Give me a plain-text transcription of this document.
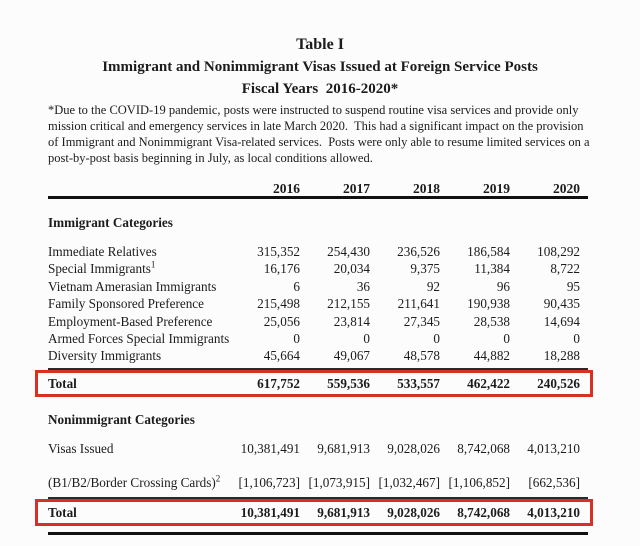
Table I
Immigrant and Nonimmigrant Visas Issued at Foreign Service Posts
Fiscal Years  2016-2020*
*Due to the COVID-19 pandemic, posts were instructed to suspend routine visa services and provide only mission critical and emergency services in late March 2020.  This had a significant impact on the provision of Immigrant and Nonimmigrant Visa-related services.  Posts were only able to resume limited services on a post-by-post basis beginning in July, as local conditions allowed.
2016	2017	2018	2019	2020
Immigrant Categories
Immediate Relatives	315,352	254,430	236,526	186,584	108,292
Special Immigrants$^1$	16,176	20,034	9,375	11,384	8,722
Vietnam Amerasian Immigrants	6	36	92	96	95
Family Sponsored Preference	215,498	212,155	211,641	190,938	90,435
Employment-Based Preference	25,056	23,814	27,345	28,538	14,694
Armed Forces Special Immigrants	0	0	0	0	0
Diversity Immigrants	45,664	49,067	48,578	44,882	18,288
Total	617,752	559,536	533,557	462,422	240,526
Nonimmigrant Categories
Visas Issued	10,381,491	9,681,913	9,028,026	8,742,068	4,013,210
(B1/B2/Border Crossing Cards)$^2$	[1,106,723] [1,073,915] [1,032,467] [1,106,852]	[662,536]
Total	10,381,491	9,681,913	9,028,026	8,742,068	4,013,210
